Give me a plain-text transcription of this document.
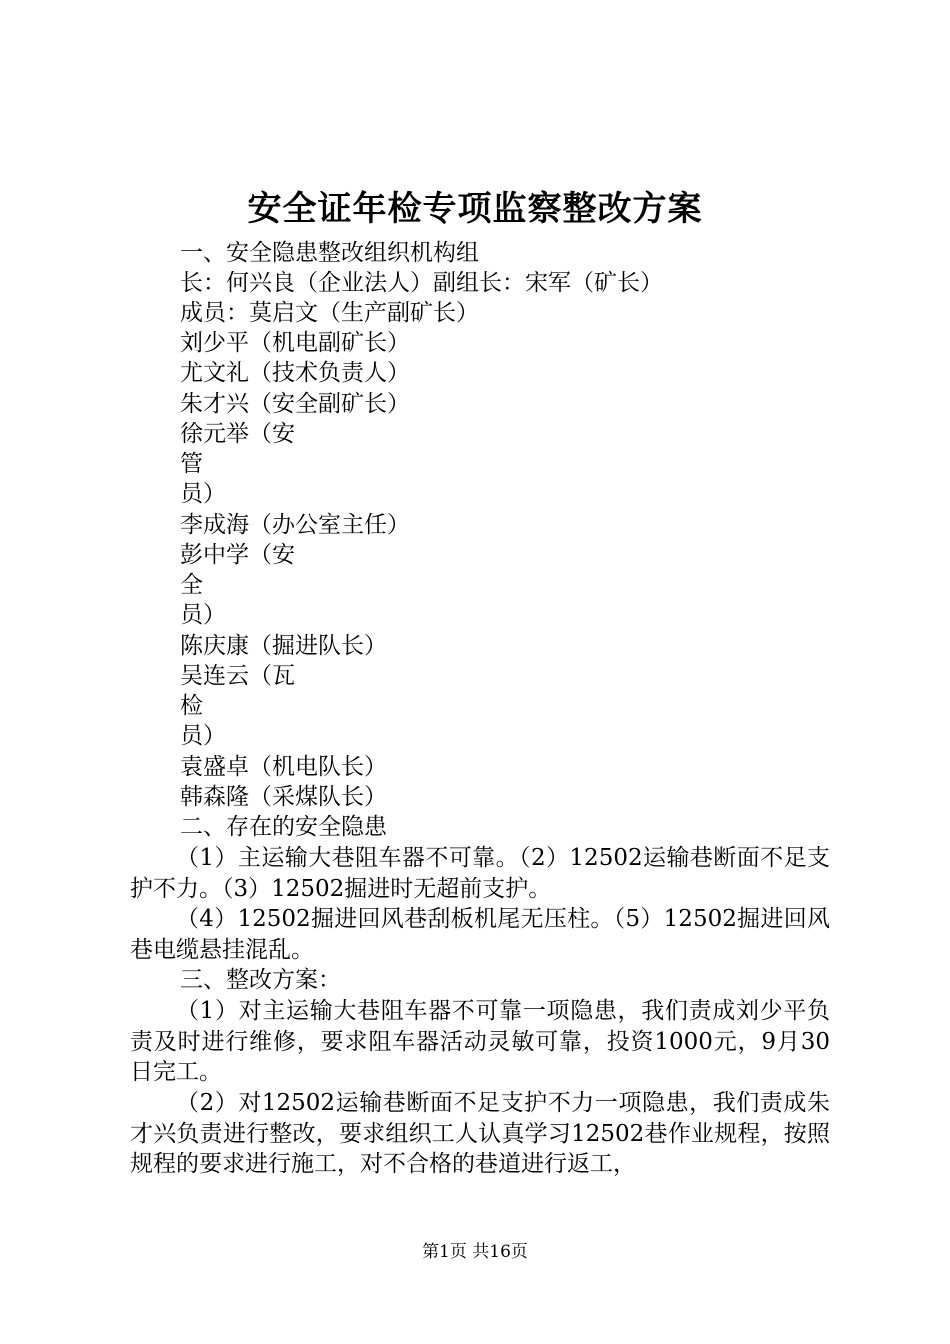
安全证年检专项监察整改方案
一、安全隐患整改组织机构组
长：何兴良（企业法人）副组长：宋军（矿长）
成员：莫启文（生产副矿长）
刘少平（机电副矿长）
尤文礼（技术负责人）
朱才兴（安全副矿长）
徐元举（安
管
员）
李成海（办公室主任）
彭中学（安
全
员）
陈庆康（掘进队长）
吴连云（瓦
检
员）
袁盛卓（机电队长）
韩森隆（采煤队长）
二、存在的安全隐患
（1）主运输大巷阻车器不可靠。（2）12502运输巷断面不足支护不力。（3）12502掘进时无超前支护。
（4）12502掘进回风巷刮板机尾无压柱。（5）12502掘进回风巷电缆悬挂混乱。
三、整改方案：
（1）对主运输大巷阻车器不可靠一项隐患，我们责成刘少平负责及时进行维修，要求阻车器活动灵敏可靠，投资1000元，9月30日完工。
（2）对12502运输巷断面不足支护不力一项隐患，我们责成朱才兴负责进行整改，要求组织工人认真学习12502巷作业规程，按照规程的要求进行施工，对不合格的巷道进行返工，
第1页 共16页
